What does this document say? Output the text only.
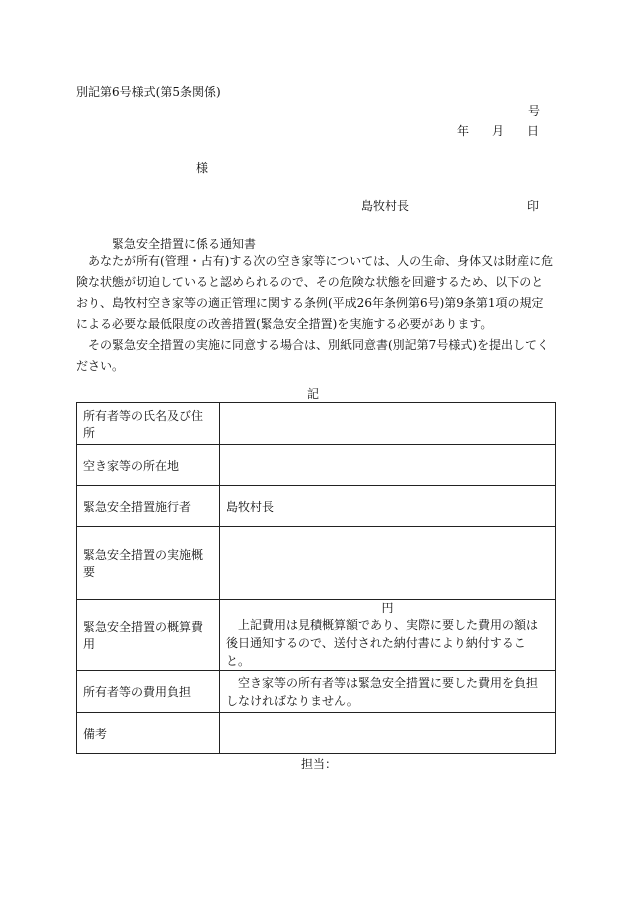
別記第6号様式(第5条関係)
号
年 月 日
様
島牧村長	印
緊急安全措置に係る通知書
あなたが所有(管理・占有)する次の空き家等については、人の生命、身体又は財産に危険な状態が切迫していると認められるので、その危険な状態を回避するため、以下のとおり、島牧村空き家等の適正管理に関する条例(平成26年条例第6号)第9条第1項の規定による必要な最低限度の改善措置(緊急安全措置)を実施する必要があります。
その緊急安全措置の実施に同意する場合は、別紙同意書(別記第7号様式)を提出してください。
記
所有者等の氏名及び住所	
空き家等の所在地	
緊急安全措置施行者	島牧村長
緊急安全措置の実施概要	
緊急安全措置の概算費用	円
上記費用は見積概算額であり、実際に要した費用の額は後日通知するので、送付された納付書により納付すること。

所有者等の費用負担	空き家等の所有者等は緊急安全措置に要した費用を負担しなければなりません。
備考	
担当：
